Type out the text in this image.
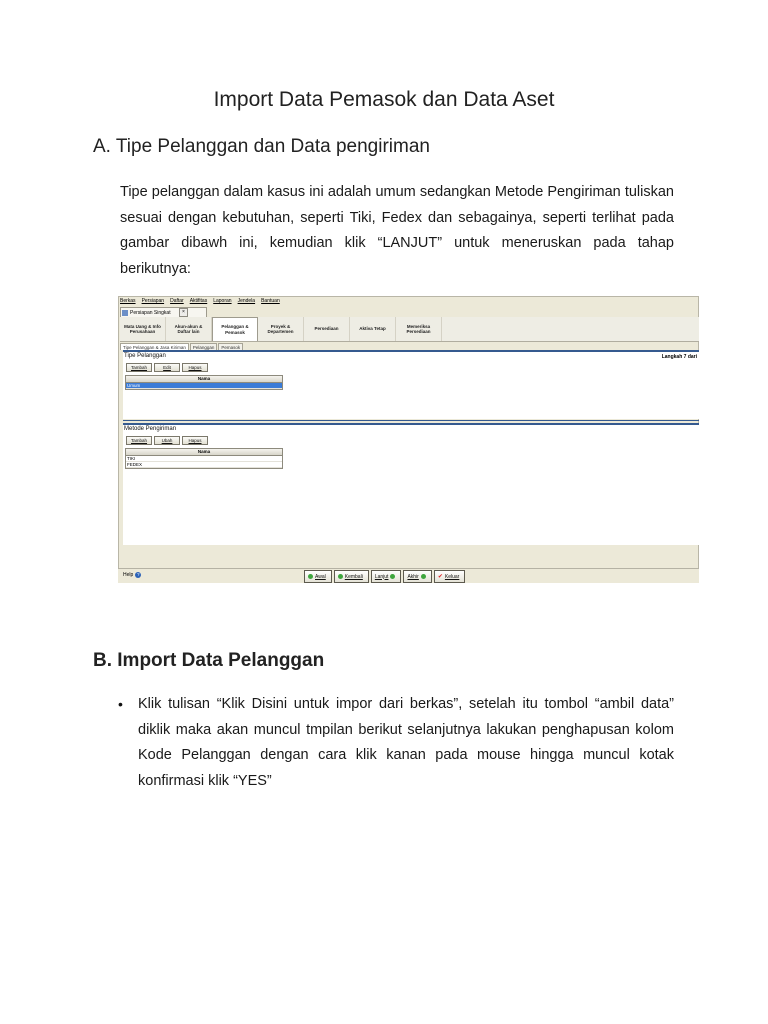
Import Data Pemasok dan Data Aset
A. Tipe Pelanggan dan Data pengiriman
Tipe pelanggan dalam kasus ini adalah umum sedangkan Metode Pengiriman tuliskan sesuai dengan kebutuhan, seperti Tiki, Fedex dan sebagainya, seperti terlihat pada gambar dibawh ini, kemudian klik “LANJUT” untuk meneruskan pada tahap berikutnya:
Berkas Persiapan Daftar Aktifitas Laporan Jendela Bantuan
Persiapan Singkat	×
Mata Uang & Info Perusahaan
Akun-akun & Daftar lain
Pelanggan & Pemasok
Proyek & Departemen
Persediaan	Aktiva Tetap
Memeriksa Persediaan
Tipe Pelanggan & Jasa Kiriman	Pelanggan	Pemasok
Tipe Pelanggan	Langkah 7 dari
Tambah	Edit	Hapus
Nama
Umum
Metode Pengiriman
Tambah	Ubah	Hapus
Nama
TIKI
FEDEX
Help ?	Awal	Kembali Lanjut	Akhir	✔ Keluar
B. Import Data Pelanggan
•	Klik tulisan “Klik Disini untuk impor dari berkas”, setelah itu tombol “ambil data” diklik maka akan muncul tmpilan berikut selanjutnya lakukan penghapusan kolom Kode Pelanggan dengan cara klik kanan pada mouse hingga muncul kotak konfirmasi klik “YES”
